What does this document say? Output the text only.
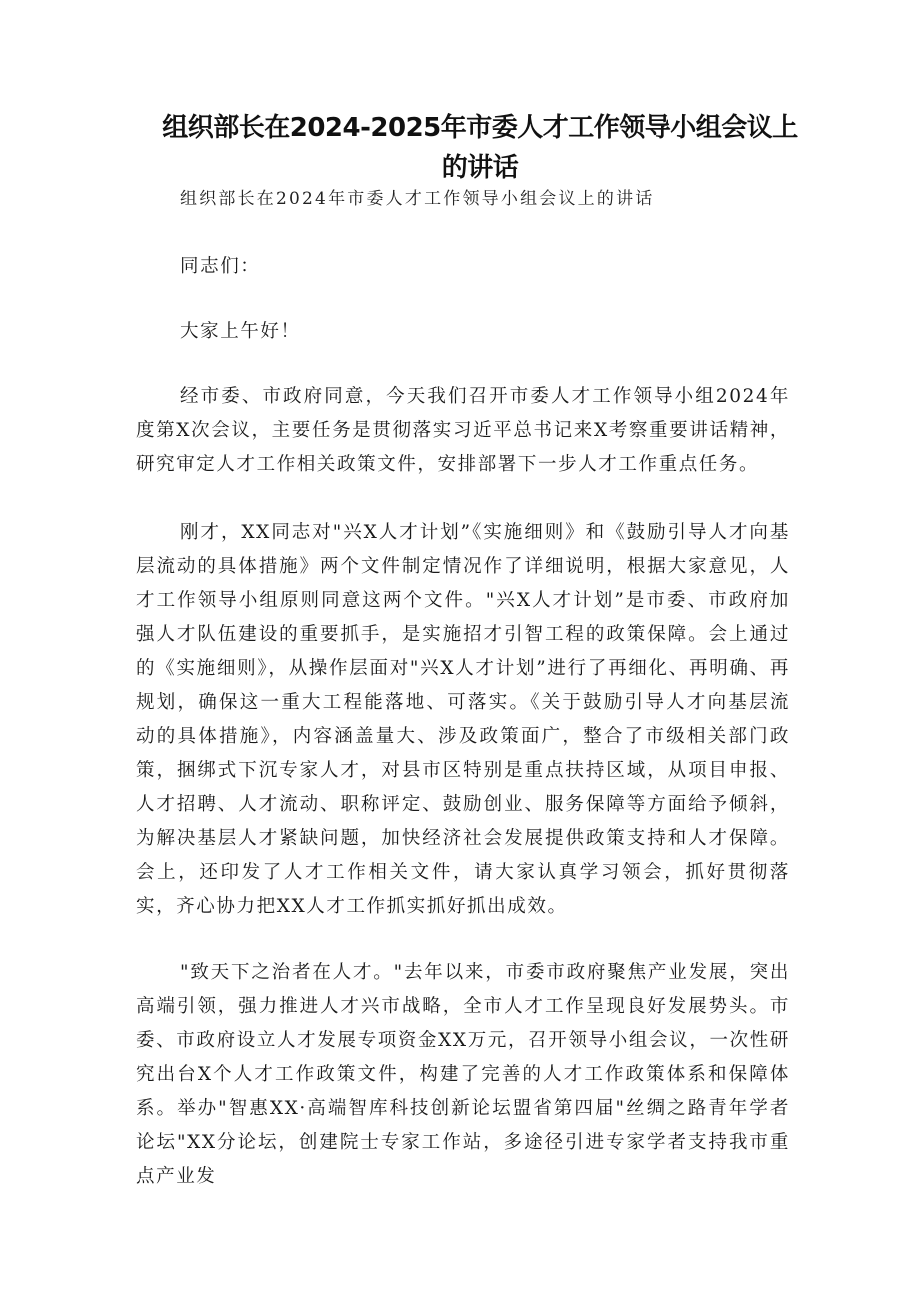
组织部长在2024-2025年市委人才工作领导小组会议上的讲话
组织部长在2024年市委人才工作领导小组会议上的讲话
同志们：
大家上午好！
经市委、市政府同意，今天我们召开市委人才工作领导小组2024年度第X次会议，主要任务是贯彻落实习近平总书记来X考察重要讲话精神，研究审定人才工作相关政策文件，安排部署下一步人才工作重点任务。
刚才，XX同志对"兴X人才计划”《实施细则》和《鼓励引导人才向基层流动的具体措施》两个文件制定情况作了详细说明，根据大家意见，人才工作领导小组原则同意这两个文件。"兴X人才计划”是市委、市政府加强人才队伍建设的重要抓手，是实施招才引智工程的政策保障。会上通过的《实施细则》，从操作层面对"兴X人才计划”进行了再细化、再明确、再规划，确保这一重大工程能落地、可落实。《关于鼓励引导人才向基层流动的具体措施》，内容涵盖量大、涉及政策面广，整合了市级相关部门政策，捆绑式下沉专家人才，对县市区特别是重点扶持区域，从项目申报、人才招聘、人才流动、职称评定、鼓励创业、服务保障等方面给予倾斜，为解决基层人才紧缺问题，加快经济社会发展提供政策支持和人才保障。会上，还印发了人才工作相关文件，请大家认真学习领会，抓好贯彻落实，齐心协力把XX人才工作抓实抓好抓出成效。
"致天下之治者在人才。"去年以来，市委市政府聚焦产业发展，突出高端引领，强力推进人才兴市战略，全市人才工作呈现良好发展势头。市委、市政府设立人才发展专项资金XX万元，召开领导小组会议，一次性研究出台X个人才工作政策文件，构建了完善的人才工作政策体系和保障体系。举办"智惠XX·高端智库科技创新论坛盟省第四届"丝绸之路青年学者论坛"XX分论坛，创建院士专家工作站，多途径引进专家学者支持我市重点产业发
